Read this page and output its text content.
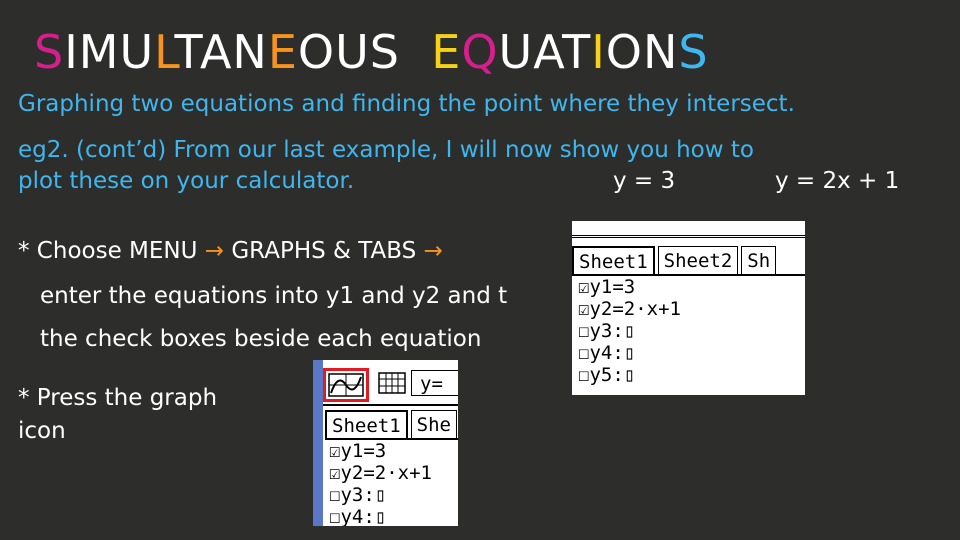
SIMULTANEOUS  EQUATIONS
Graphing two equations and finding the point where they intersect.
eg2. (cont’d) From our last example, I will now show you how to
plot these on your calculator.	y = 3	y = 2x + 1
Sheet1 Sheet2 Sh
☑y1=3
☑y2=2·x+1
☐y3:▯
☐y4:▯
☐y5:▯
* Choose MENU → GRAPHS & TABS →
enter the equations into y1 and y2 and t
the check boxes beside each equation
* Press the graph
icon
y=
Sheet1 She
☑y1=3
☑y2=2·x+1
☐y3:▯
☐y4:▯
